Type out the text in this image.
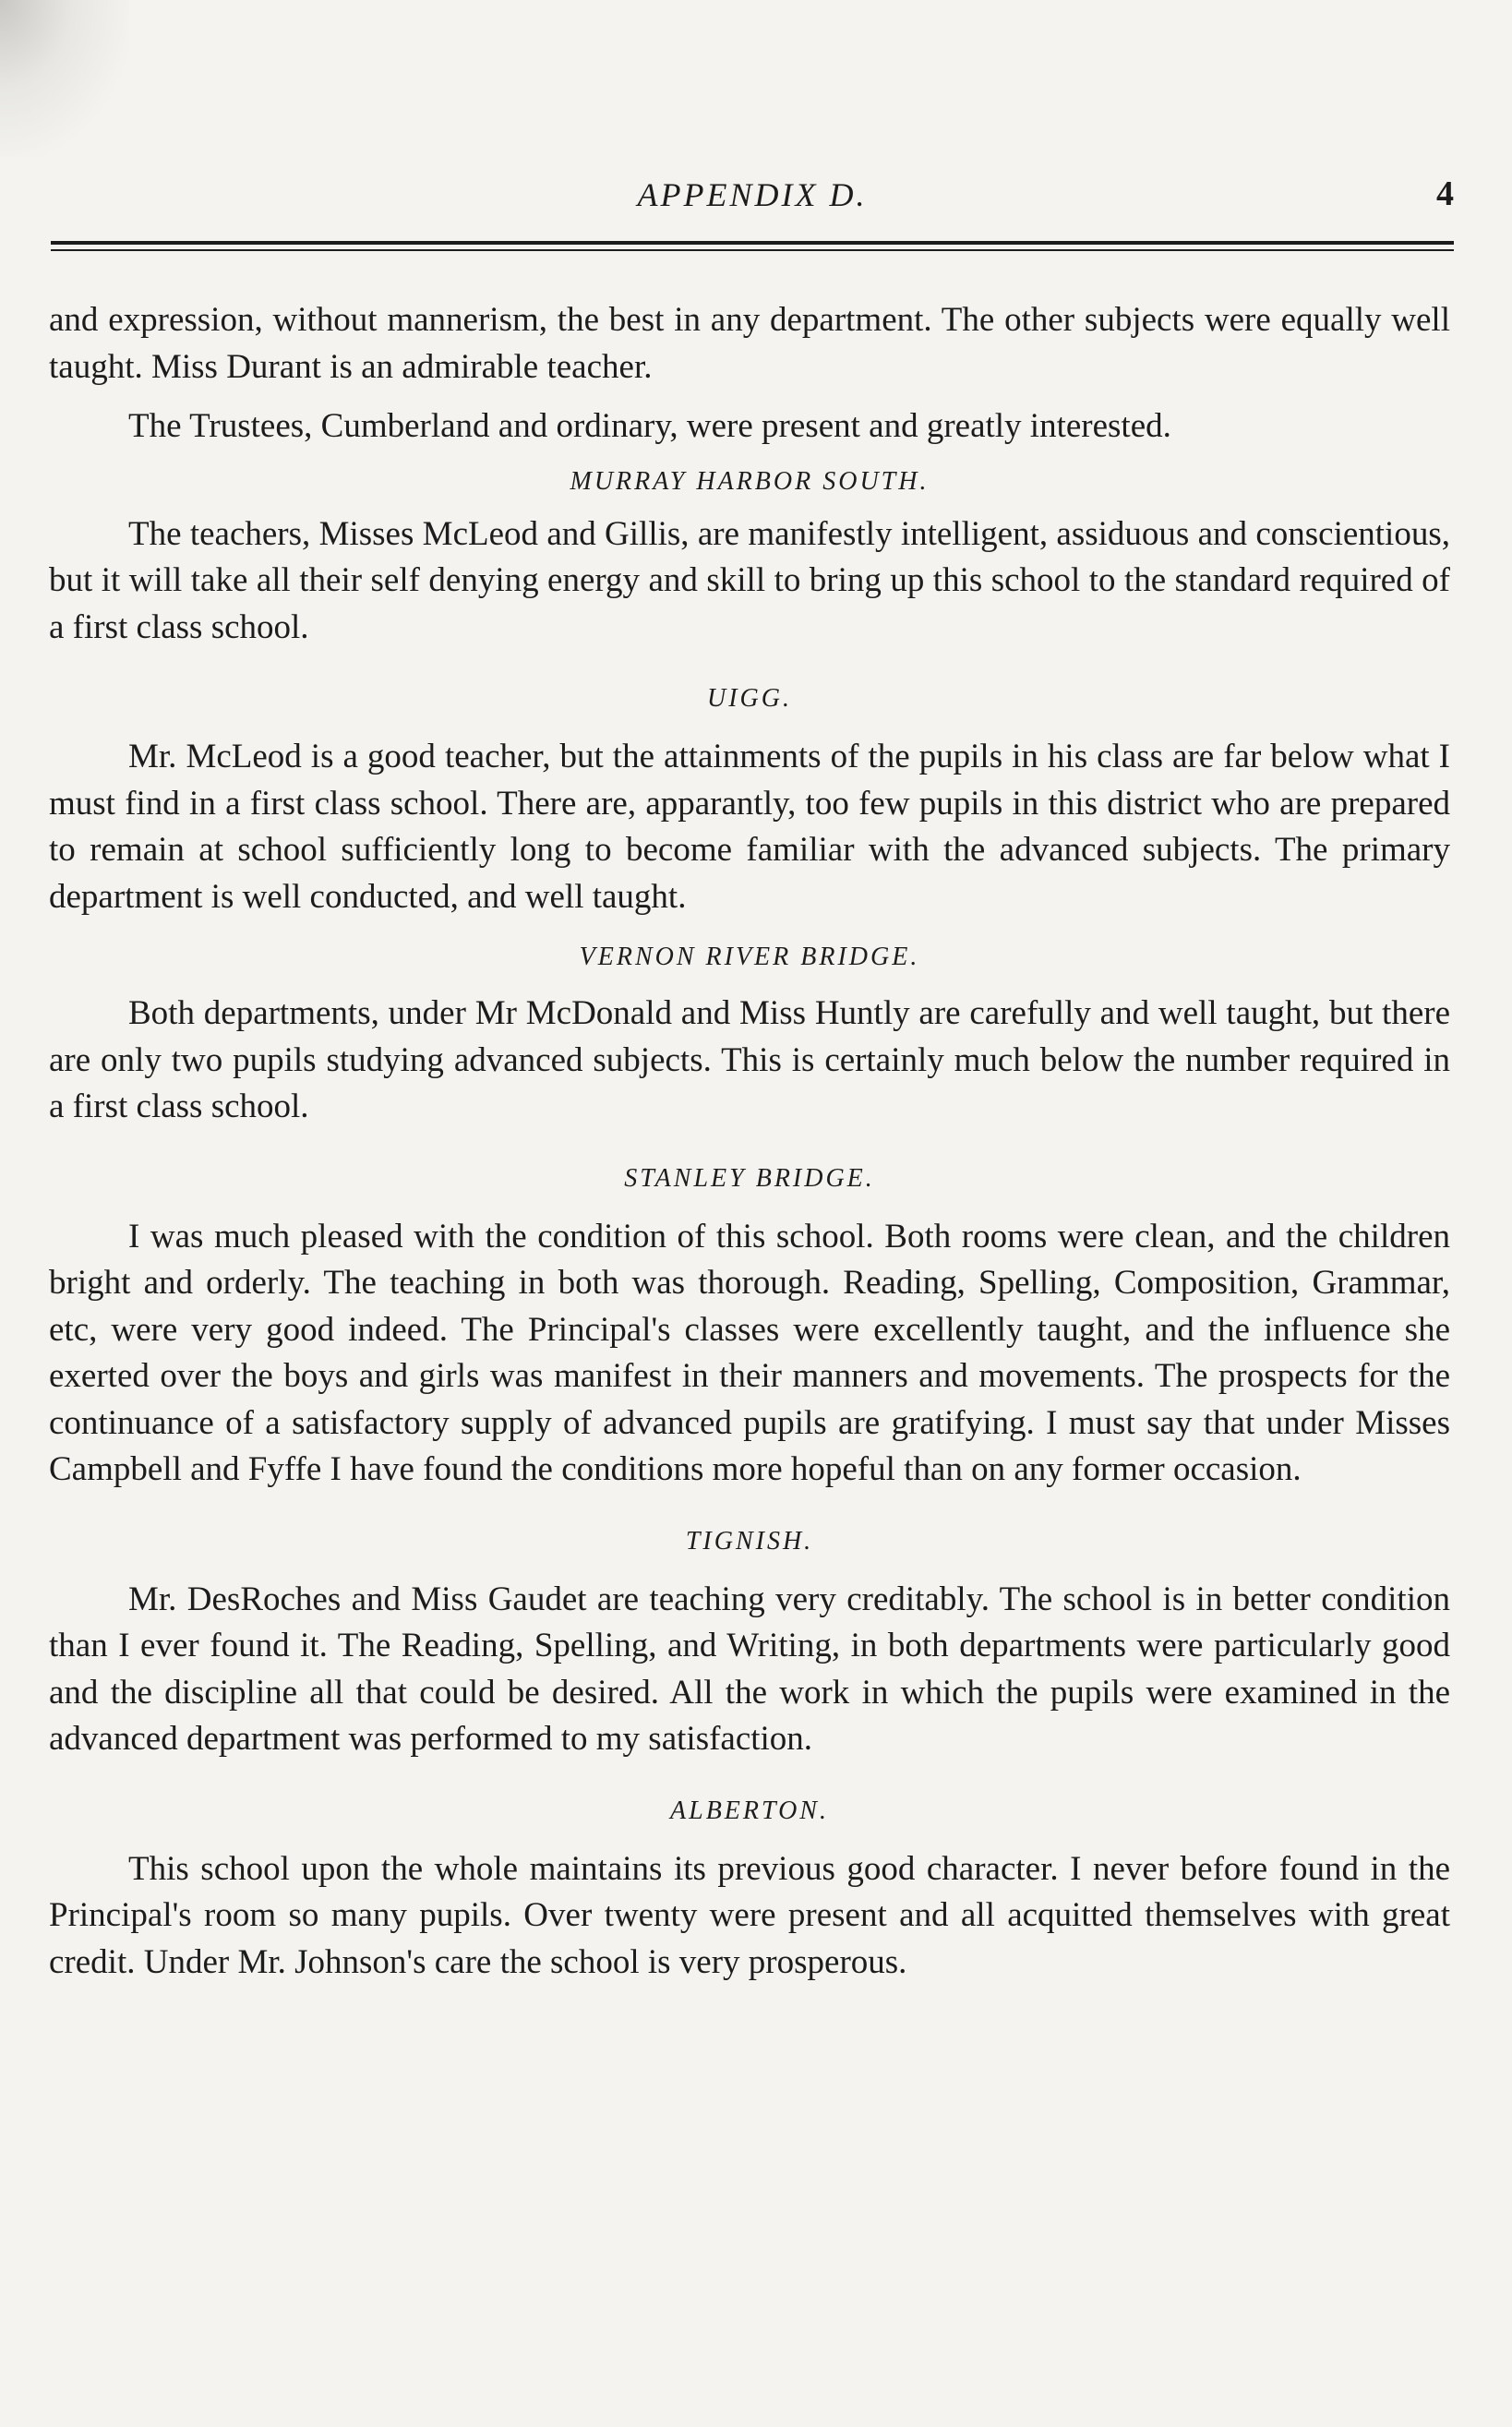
APPENDIX D.	4

and expression, without mannerism, the best in any department. The other subjects were equally well taught. Miss Durant is an admirable teacher.

The Trustees, Cumberland and ordinary, were present and greatly interested.

MURRAY HARBOR SOUTH.

The teachers, Misses McLeod and Gillis, are manifestly intelligent, assiduous and conscientious, but it will take all their self denying energy and skill to bring up this school to the standard required of a first class school.

UIGG.

Mr. McLeod is a good teacher, but the attainments of the pupils in his class are far below what I must find in a first class school. There are, apparantly, too few pupils in this district who are prepared to remain at school sufficiently long to become familiar with the advanced subjects. The primary department is well conducted, and well taught.

VERNON RIVER BRIDGE.

Both departments, under Mr McDonald and Miss Huntly are carefully and well taught, but there are only two pupils studying advanced subjects. This is certainly much below the number required in a first class school.

STANLEY BRIDGE.

I was much pleased with the condition of this school. Both rooms were clean, and the children bright and orderly. The teaching in both was thorough. Reading, Spelling, Composition, Grammar, etc, were very good indeed. The Principal's classes were excellently taught, and the influence she exerted over the boys and girls was manifest in their manners and movements. The prospects for the continuance of a satisfactory supply of advanced pupils are gratifying. I must say that under Misses Campbell and Fyffe I have found the conditions more hopeful than on any former occasion.

TIGNISH.

Mr. DesRoches and Miss Gaudet are teaching very creditably. The school is in better condition than I ever found it. The Reading, Spelling, and Writing, in both departments were particularly good and the discipline all that could be desired. All the work in which the pupils were examined in the advanced department was performed to my satisfaction.

ALBERTON.

This school upon the whole maintains its previous good character. I never before found in the Principal's room so many pupils. Over twenty were present and all acquitted themselves with great credit. Under Mr. Johnson's care the school is very prosperous.
